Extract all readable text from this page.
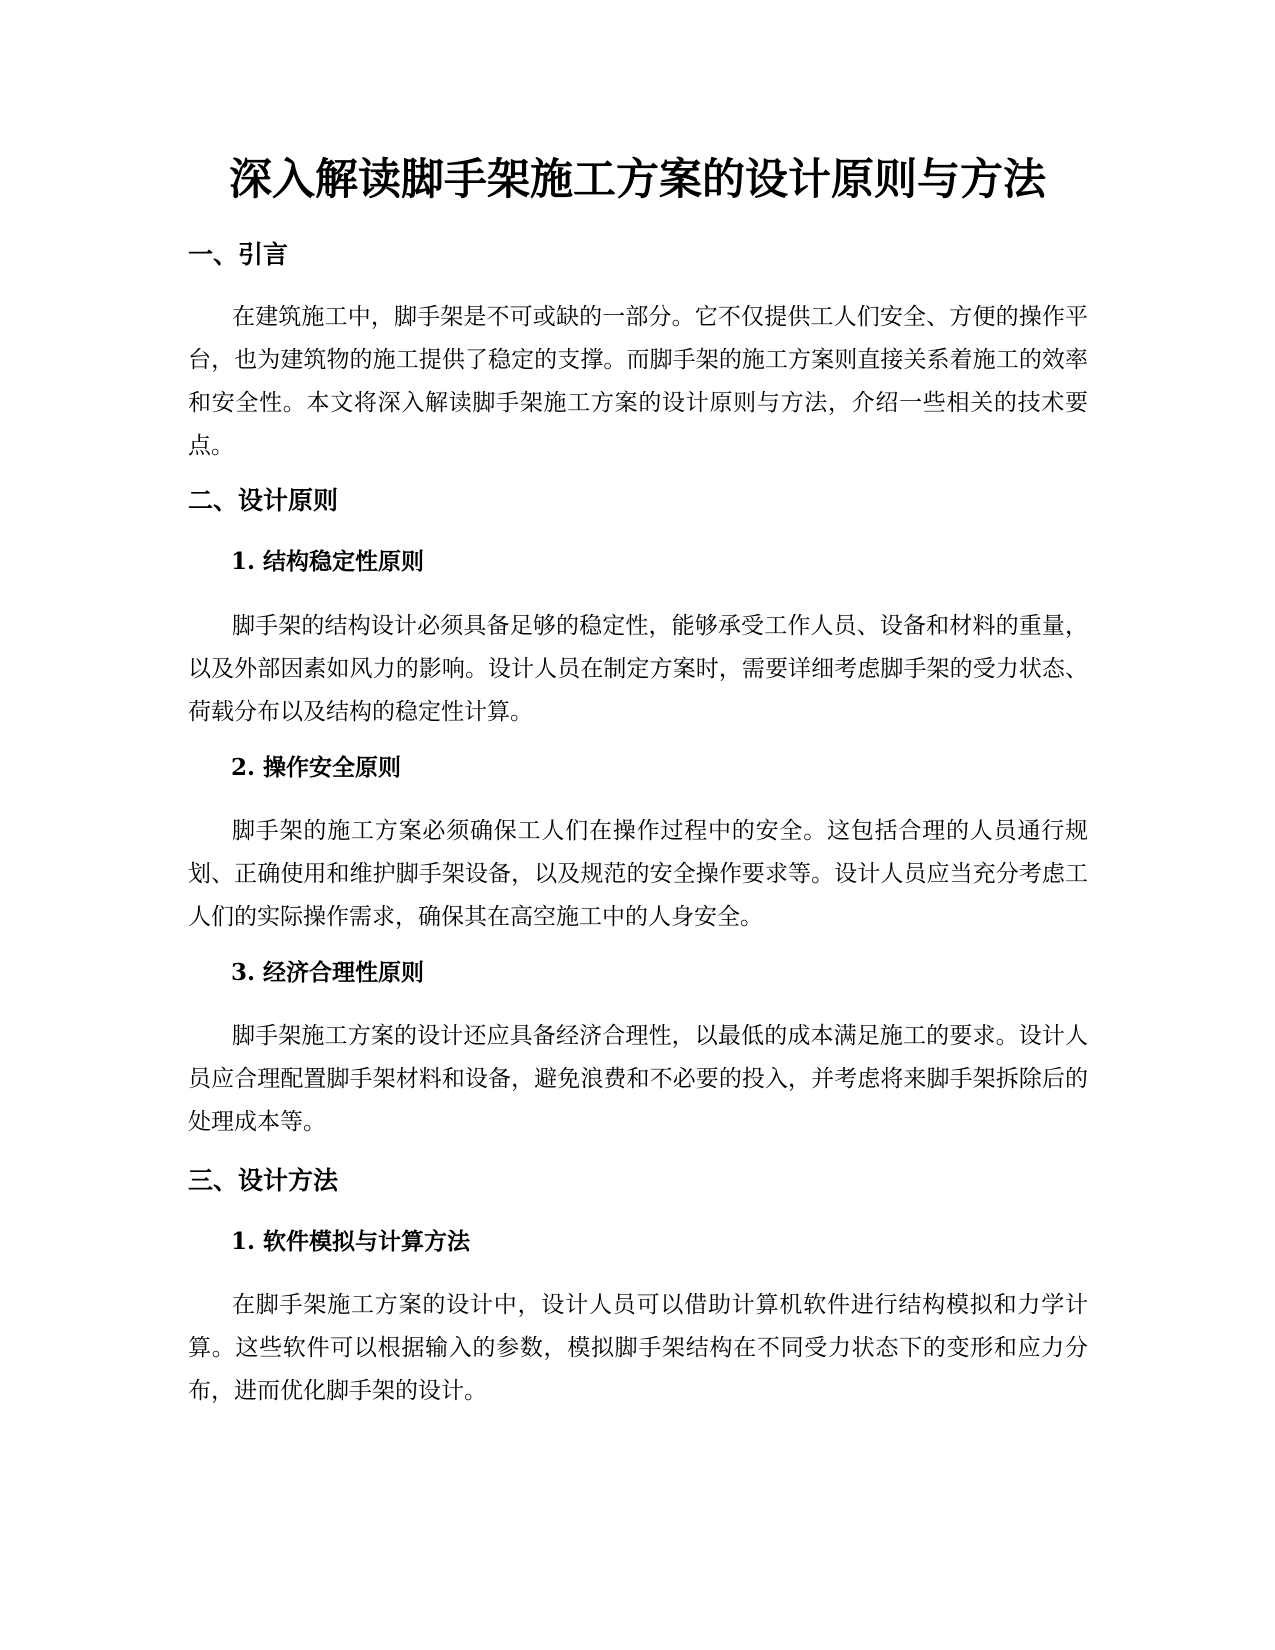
深入解读脚手架施工方案的设计原则与方法
一、引言

在建筑施工中，脚手架是不可或缺的一部分。它不仅提供工人们安全、方便的操作平台，也为建筑物的施工提供了稳定的支撑。而脚手架的施工方案则直接关系着施工的效率和安全性。本文将深入解读脚手架施工方案的设计原则与方法，介绍一些相关的技术要点。

二、设计原则
1. 结构稳定性原则

脚手架的结构设计必须具备足够的稳定性，能够承受工作人员、设备和材料的重量，以及外部因素如风力的影响。设计人员在制定方案时，需要详细考虑脚手架的受力状态、荷载分布以及结构的稳定性计算。

2. 操作安全原则

脚手架的施工方案必须确保工人们在操作过程中的安全。这包括合理的人员通行规划、正确使用和维护脚手架设备，以及规范的安全操作要求等。设计人员应当充分考虑工人们的实际操作需求，确保其在高空施工中的人身安全。

3. 经济合理性原则

脚手架施工方案的设计还应具备经济合理性，以最低的成本满足施工的要求。设计人员应合理配置脚手架材料和设备，避免浪费和不必要的投入，并考虑将来脚手架拆除后的处理成本等。

三、设计方法
1. 软件模拟与计算方法

在脚手架施工方案的设计中，设计人员可以借助计算机软件进行结构模拟和力学计算。这些软件可以根据输入的参数，模拟脚手架结构在不同受力状态下的变形和应力分布，进而优化脚手架的设计。
